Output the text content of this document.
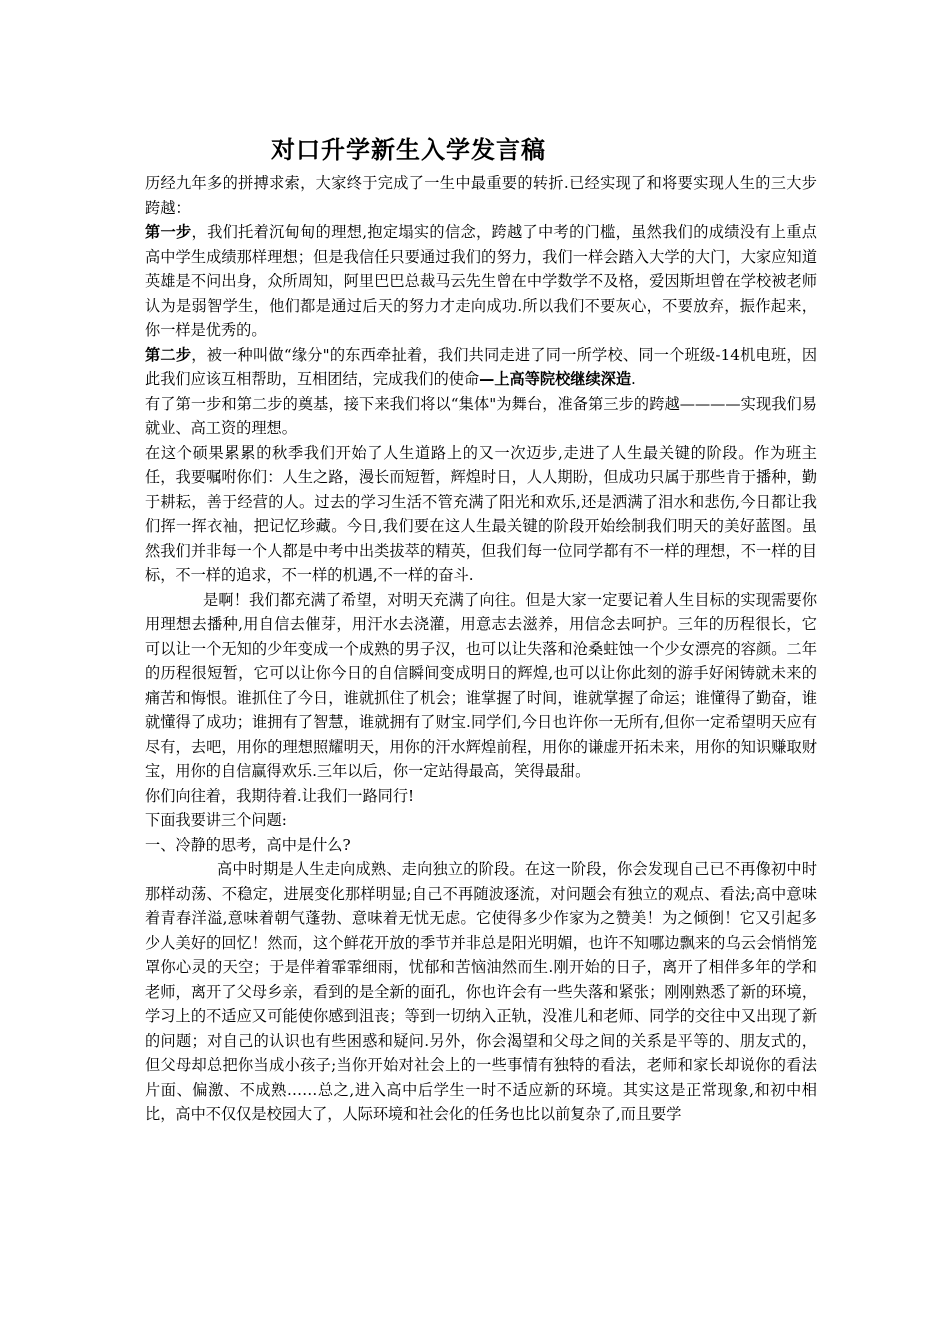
对口升学新生入学发言稿

历经九年多的拼搏求索，大家终于完成了一生中最重要的转折.已经实现了和将要实现人生的三大步跨越：

第一步，我们托着沉甸甸的理想,抱定塌实的信念，跨越了中考的门槛，虽然我们的成绩没有上重点高中学生成绩那样理想；但是我信任只要通过我们的努力，我们一样会踏入大学的大门，大家应知道英雄是不问出身，众所周知，阿里巴巴总裁马云先生曾在中学数学不及格，爱因斯坦曾在学校被老师认为是弱智学生，他们都是通过后天的努力才走向成功.所以我们不要灰心，不要放弃，振作起来，你一样是优秀的。

第二步，被一种叫做“缘分"的东西牵扯着，我们共同走进了同一所学校、同一个班级-14机电班，因此我们应该互相帮助，互相团结，完成我们的使命—上高等院校继续深造.

有了第一步和第二步的奠基，接下来我们将以“集体"为舞台，准备第三步的跨越————实现我们易就业、高工资的理想。

在这个硕果累累的秋季我们开始了人生道路上的又一次迈步,走进了人生最关键的阶段。作为班主任，我要嘱咐你们：人生之路，漫长而短暂，辉煌时日，人人期盼，但成功只属于那些肯于播种，勤于耕耘，善于经营的人。过去的学习生活不管充满了阳光和欢乐,还是洒满了泪水和悲伤,今日都让我们挥一挥衣袖，把记忆珍藏。今日,我们要在这人生最关键的阶段开始绘制我们明天的美好蓝图。虽然我们并非每一个人都是中考中出类拔萃的精英，但我们每一位同学都有不一样的理想，不一样的目标，不一样的追求，不一样的机遇,不一样的奋斗.

是啊！我们都充满了希望，对明天充满了向往。但是大家一定要记着人生目标的实现需要你用理想去播种,用自信去催芽，用汗水去浇灌，用意志去滋养，用信念去呵护。三年的历程很长，它可以让一个无知的少年变成一个成熟的男子汉，也可以让失落和沧桑蛀蚀一个少女漂亮的容颜。二年的历程很短暂，它可以让你今日的自信瞬间变成明日的辉煌,也可以让你此刻的游手好闲铸就未来的痛苦和悔恨。谁抓住了今日，谁就抓住了机会；谁掌握了时间，谁就掌握了命运；谁懂得了勤奋，谁就懂得了成功；谁拥有了智慧，谁就拥有了财宝.同学们,今日也许你一无所有,但你一定希望明天应有尽有，去吧，用你的理想照耀明天，用你的汗水辉煌前程，用你的谦虚开拓未来，用你的知识赚取财宝，用你的自信赢得欢乐.三年以后，你一定站得最高，笑得最甜。

你们向往着，我期待着.让我们一路同行!

下面我要讲三个问题:

一、冷静的思考，高中是什么?

高中时期是人生走向成熟、走向独立的阶段。在这一阶段，你会发现自己已不再像初中时那样动荡、不稳定，进展变化那样明显;自己不再随波逐流，对问题会有独立的观点、看法;高中意味着青春洋溢,意味着朝气蓬勃、意味着无忧无虑。它使得多少作家为之赞美！为之倾倒！它又引起多少人美好的回忆！然而，这个鲜花开放的季节并非总是阳光明媚，也许不知哪边飘来的乌云会悄悄笼罩你心灵的天空；于是伴着霏霏细雨，忧郁和苦恼油然而生.刚开始的日子，离开了相伴多年的学和老师，离开了父母乡亲，看到的是全新的面孔，你也许会有一些失落和紧张；刚刚熟悉了新的环境，学习上的不适应又可能使你感到沮丧；等到一切纳入正轨，没准儿和老师、同学的交往中又出现了新的问题；对自己的认识也有些困惑和疑问.另外，你会渴望和父母之间的关系是平等的、朋友式的，但父母却总把你当成小孩子;当你开始对社会上的一些事情有独特的看法，老师和家长却说你的看法片面、偏激、不成熟……总之,进入高中后学生一时不适应新的环境。其实这是正常现象,和初中相比，高中不仅仅是校园大了，人际环境和社会化的任务也比以前复杂了,而且要学
